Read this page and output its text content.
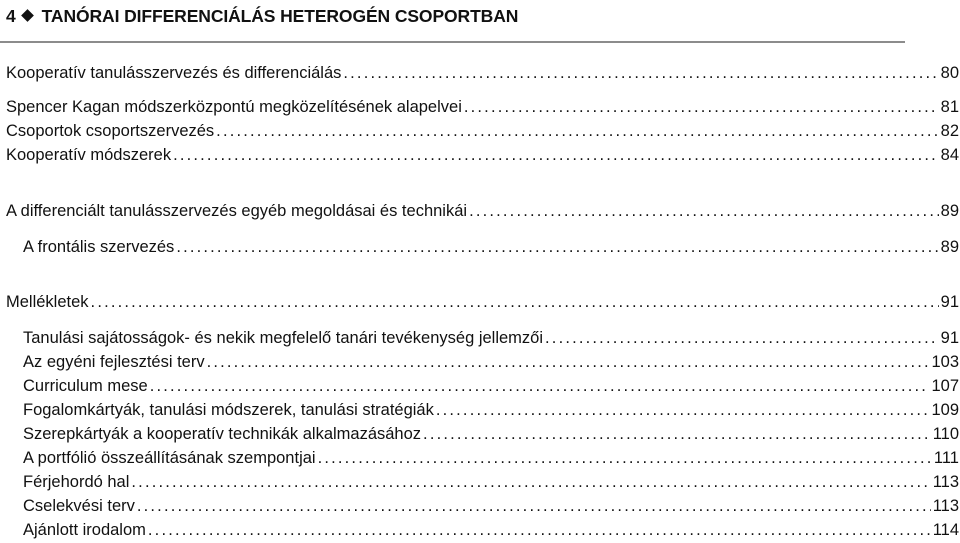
4 TANÓRAI DIFFERENCIÁLÁS HETEROGÉN CSOPORTBAN
Kooperatív tanulásszervezés és differenciálás . . .	80
Spencer Kagan módszerközpontú megközelítésének alapelvei . . .	81
Csoportok csoportszervezés . . .	82
Kooperatív módszerek . . .	84
A differenciált tanulásszervezés egyéb megoldásai és technikái . . .	89
A frontális szervezés . . .	89
Mellékletek . . .	91
Tanulási sajátosságok- és nekik megfelelő tanári tevékenység jellemzői . . .	91
Az egyéni fejlesztési terv . . .	103
Curriculum mese . . .	107
Fogalomkártyák, tanulási módszerek, tanulási stratégiák . . .	109
Szerepkártyák a kooperatív technikák alkalmazásához . . .	110
A portfólió összeállításának szempontjai . . .	111
Férjehordó hal . . .	113
Cselekvési terv . . .	113
Ajánlott irodalom . . .	114
